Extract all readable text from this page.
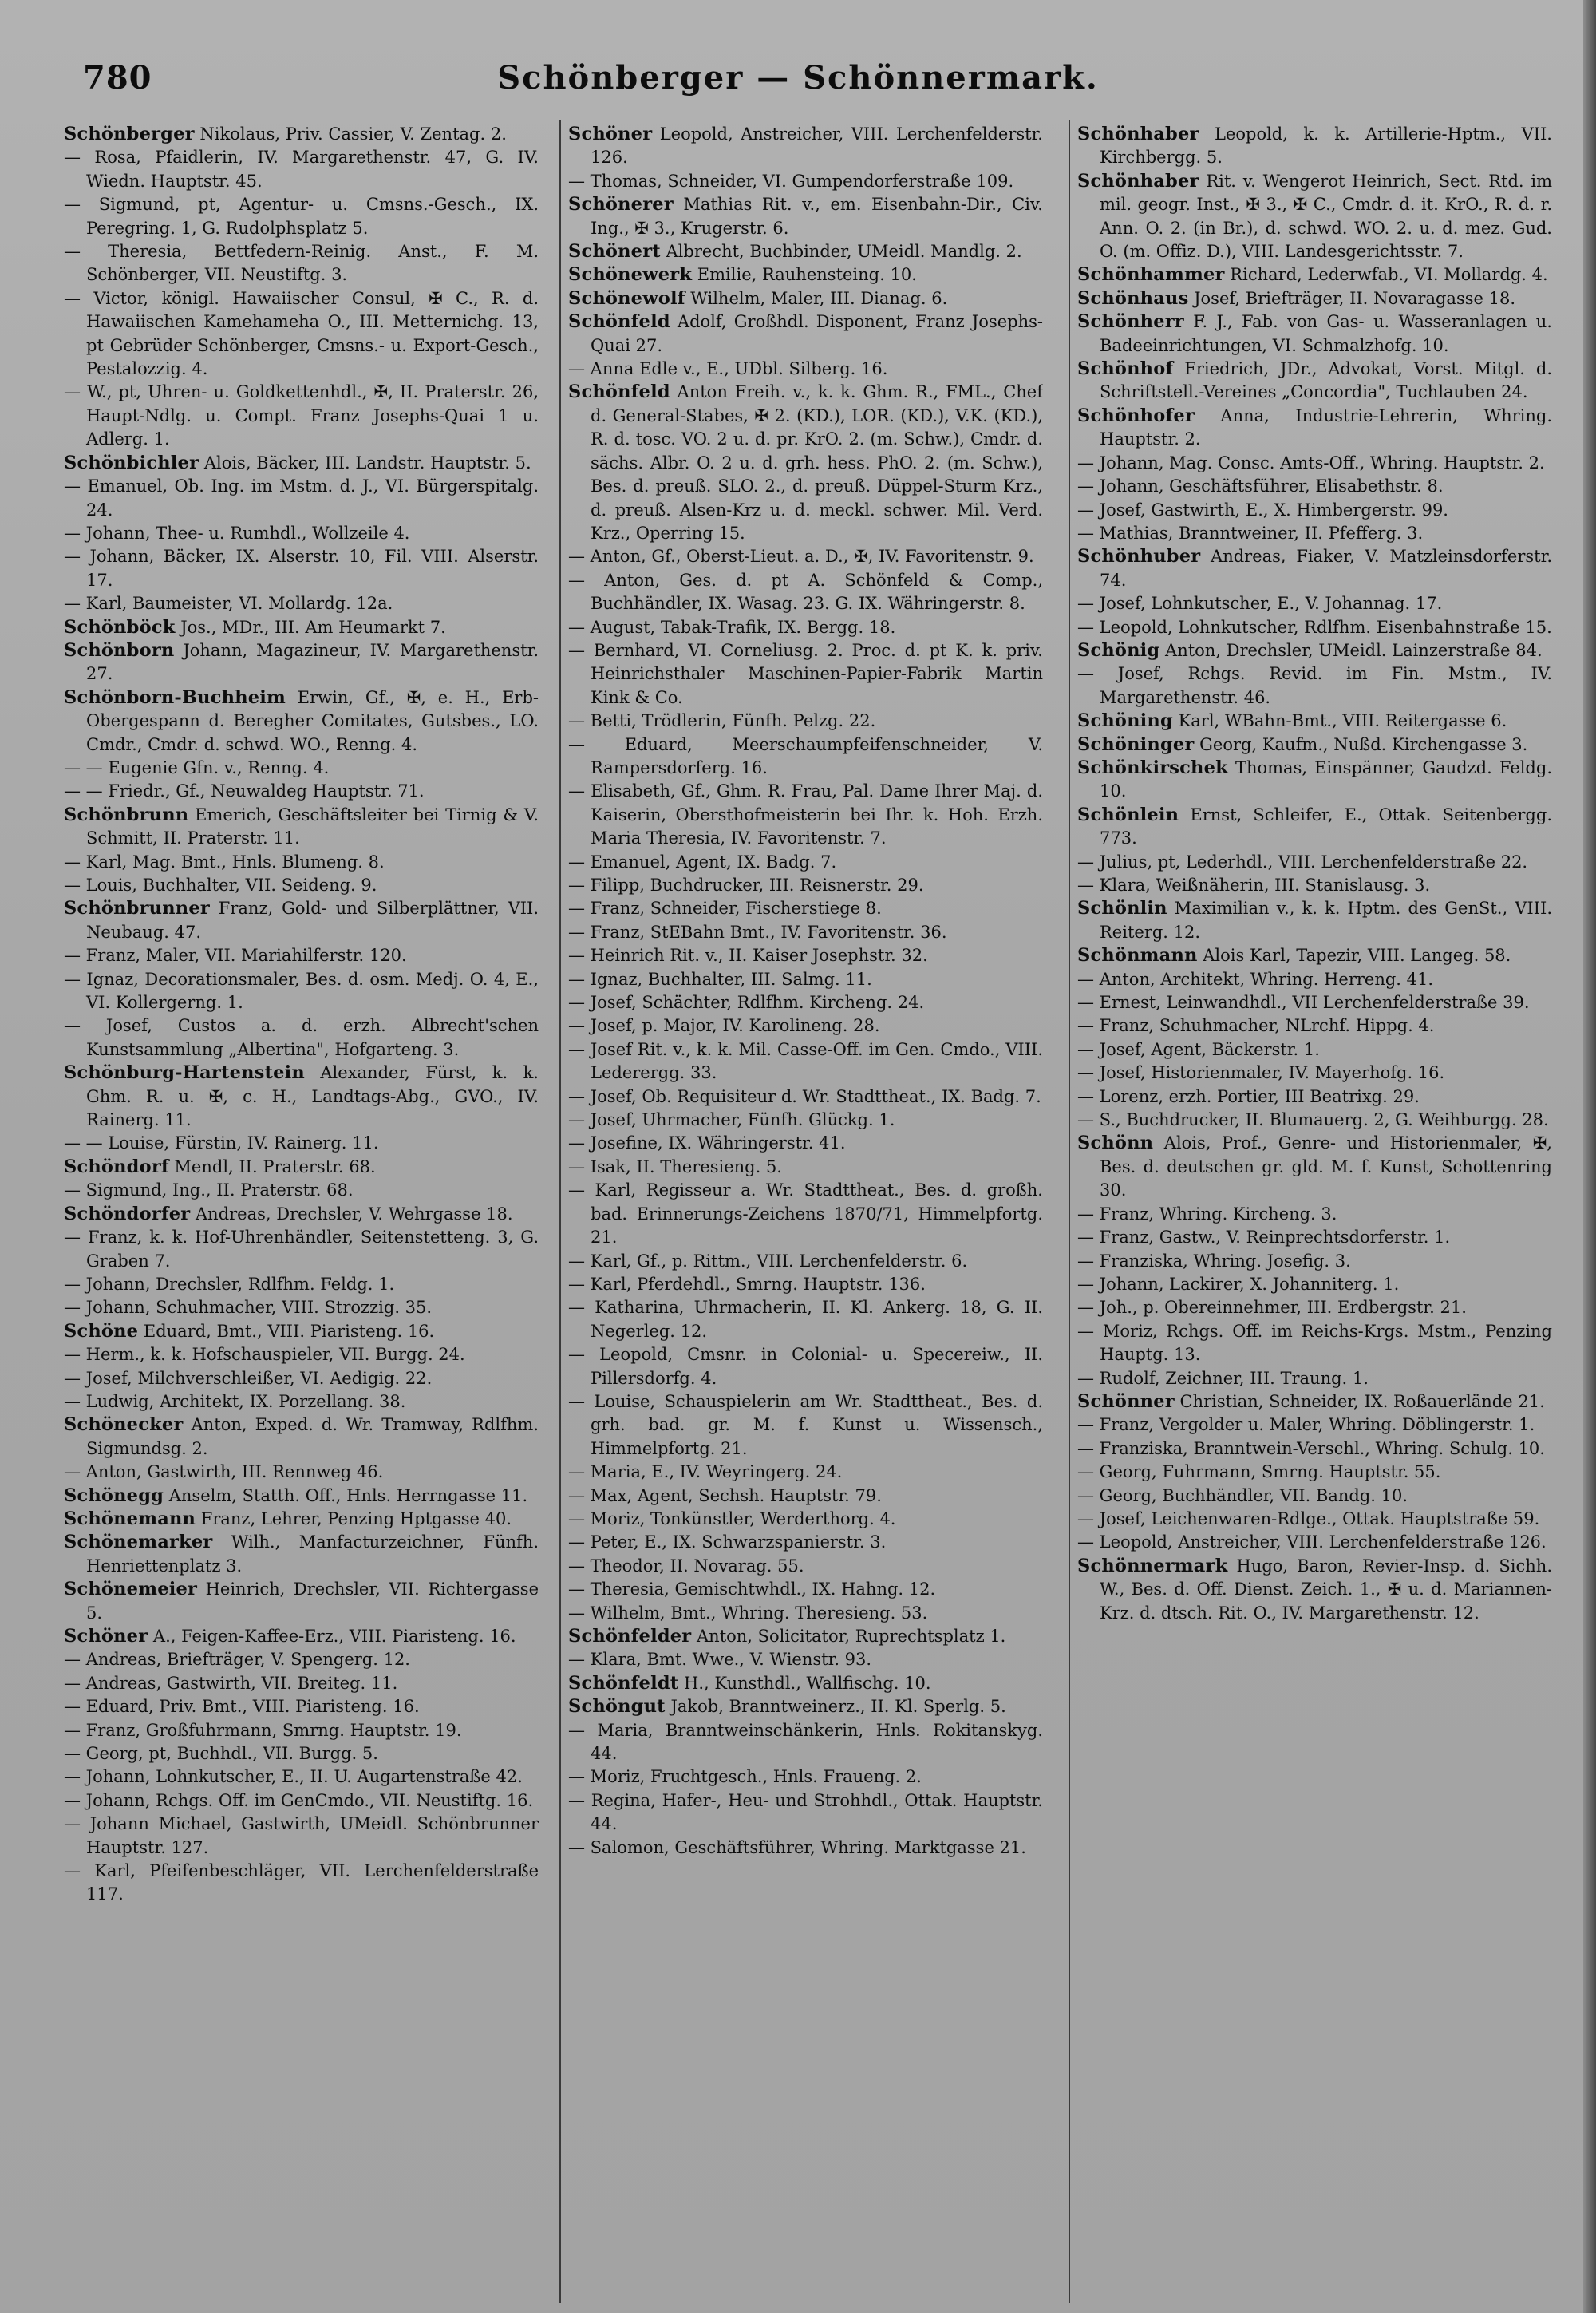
780	Schönberger — Schönnermark.

Schönberger Nikolaus, Priv. Cassier, V. Zentag. 2.

— Rosa, Pfaidlerin, IV. Margarethenstr. 47, G. IV. Wiedn. Hauptstr. 45.

— Sigmund, pt, Agentur- u. Cmsns.-Gesch., IX. Peregring. 1, G. Rudolphsplatz 5.

— Theresia, Bettfedern-Reinig. Anst., F. M. Schönberger, VII. Neustiftg. 3.

— Victor, königl. Hawaiischer Consul, ✠ C., R. d. Hawaiischen Kamehameha O., III. Metternichg. 13, pt Gebrüder Schönberger, Cmsns.- u. Export-Gesch., Pestalozzig. 4.

— W., pt, Uhren- u. Goldkettenhdl., ✠, II. Praterstr. 26, Haupt-Ndlg. u. Compt. Franz Josephs-Quai 1 u. Adlerg. 1.

Schönbichler Alois, Bäcker, III. Landstr. Hauptstr. 5.

— Emanuel, Ob. Ing. im Mstm. d. J., VI. Bürgerspitalg. 24.

— Johann, Thee- u. Rumhdl., Wollzeile 4.

— Johann, Bäcker, IX. Alserstr. 10, Fil. VIII. Alserstr. 17.

— Karl, Baumeister, VI. Mollardg. 12a.

Schönböck Jos., MDr., III. Am Heumarkt 7.

Schönborn Johann, Magazineur, IV. Margarethenstr. 27.

Schönborn-Buchheim Erwin, Gf., ✠, e. H., Erb-Obergespann d. Beregher Comitates, Gutsbes., LO. Cmdr., Cmdr. d. schwd. WO., Renng. 4.

— — Eugenie Gfn. v., Renng. 4.

— — Friedr., Gf., Neuwaldeg Hauptstr. 71.

Schönbrunn Emerich, Geschäftsleiter bei Tirnig & V. Schmitt, II. Praterstr. 11.

— Karl, Mag. Bmt., Hnls. Blumeng. 8.

— Louis, Buchhalter, VII. Seideng. 9.

Schönbrunner Franz, Gold- und Silberplättner, VII. Neubaug. 47.

— Franz, Maler, VII. Mariahilferstr. 120.

— Ignaz, Decorationsmaler, Bes. d. osm. Medj. O. 4, E., VI. Kollergerng. 1.

— Josef, Custos a. d. erzh. Albrecht'schen Kunstsammlung „Albertina", Hofgarteng. 3.

Schönburg-Hartenstein Alexander, Fürst, k. k. Ghm. R. u. ✠, c. H., Landtags-Abg., GVO., IV. Rainerg. 11.

— — Louise, Fürstin, IV. Rainerg. 11.

Schöndorf Mendl, II. Praterstr. 68.

— Sigmund, Ing., II. Praterstr. 68.

Schöndorfer Andreas, Drechsler, V. Wehrgasse 18.

— Franz, k. k. Hof-Uhrenhändler, Seitenstetteng. 3, G. Graben 7.

— Johann, Drechsler, Rdlfhm. Feldg. 1.

— Johann, Schuhmacher, VIII. Strozzig. 35.

Schöne Eduard, Bmt., VIII. Piaristeng. 16.

— Herm., k. k. Hofschauspieler, VII. Burgg. 24.

— Josef, Milchverschleißer, VI. Aedigig. 22.

— Ludwig, Architekt, IX. Porzellang. 38.

Schönecker Anton, Exped. d. Wr. Tramway, Rdlfhm. Sigmundsg. 2.

— Anton, Gastwirth, III. Rennweg 46.

Schönegg Anselm, Statth. Off., Hnls. Herrngasse 11.

Schönemann Franz, Lehrer, Penzing Hptgasse 40.

Schönemarker Wilh., Manfacturzeichner, Fünfh. Henriettenplatz 3.

Schönemeier Heinrich, Drechsler, VII. Richtergasse 5.

Schöner A., Feigen-Kaffee-Erz., VIII. Piaristeng. 16.

— Andreas, Briefträger, V. Spengerg. 12.

— Andreas, Gastwirth, VII. Breiteg. 11.

— Eduard, Priv. Bmt., VIII. Piaristeng. 16.

— Franz, Großfuhrmann, Smrng. Hauptstr. 19.

— Georg, pt, Buchhdl., VII. Burgg. 5.

— Johann, Lohnkutscher, E., II. U. Augartenstraße 42.

— Johann, Rchgs. Off. im GenCmdo., VII. Neustiftg. 16.

— Johann Michael, Gastwirth, UMeidl. Schönbrunner Hauptstr. 127.

— Karl, Pfeifenbeschläger, VII. Lerchenfelderstraße 117.

Schöner Leopold, Anstreicher, VIII. Lerchenfelderstr. 126.

— Thomas, Schneider, VI. Gumpendorferstraße 109.

Schönerer Mathias Rit. v., em. Eisenbahn-Dir., Civ. Ing., ✠ 3., Krugerstr. 6.

Schönert Albrecht, Buchbinder, UMeidl. Mandlg. 2.

Schönewerk Emilie, Rauhensteing. 10.

Schönewolf Wilhelm, Maler, III. Dianag. 6.

Schönfeld Adolf, Großhdl. Disponent, Franz Josephs-Quai 27.

— Anna Edle v., E., UDbl. Silberg. 16.

Schönfeld Anton Freih. v., k. k. Ghm. R., FML., Chef d. General-Stabes, ✠ 2. (KD.), LOR. (KD.), V.K. (KD.), R. d. tosc. VO. 2 u. d. pr. KrO. 2. (m. Schw.), Cmdr. d. sächs. Albr. O. 2 u. d. grh. hess. PhO. 2. (m. Schw.), Bes. d. preuß. SLO. 2., d. preuß. Düppel-Sturm Krz., d. preuß. Alsen-Krz u. d. meckl. schwer. Mil. Verd. Krz., Operring 15.

— Anton, Gf., Oberst-Lieut. a. D., ✠, IV. Favoritenstr. 9.

— Anton, Ges. d. pt A. Schönfeld & Comp., Buchhändler, IX. Wasag. 23. G. IX. Währingerstr. 8.

— August, Tabak-Trafik, IX. Bergg. 18.

— Bernhard, VI. Corneliusg. 2. Proc. d. pt K. k. priv. Heinrichsthaler Maschinen-Papier-Fabrik Martin Kink & Co.

— Betti, Trödlerin, Fünfh. Pelzg. 22.

— Eduard, Meerschaumpfeifenschneider, V. Rampersdorferg. 16.

— Elisabeth, Gf., Ghm. R. Frau, Pal. Dame Ihrer Maj. d. Kaiserin, Obersthofmeisterin bei Ihr. k. Hoh. Erzh. Maria Theresia, IV. Favoritenstr. 7.

— Emanuel, Agent, IX. Badg. 7.

— Filipp, Buchdrucker, III. Reisnerstr. 29.

— Franz, Schneider, Fischerstiege 8.

— Franz, StEBahn Bmt., IV. Favoritenstr. 36.

— Heinrich Rit. v., II. Kaiser Josephstr. 32.

— Ignaz, Buchhalter, III. Salmg. 11.

— Josef, Schächter, Rdlfhm. Kircheng. 24.

— Josef, p. Major, IV. Karolineng. 28.

— Josef Rit. v., k. k. Mil. Casse-Off. im Gen. Cmdo., VIII. Lederergg. 33.

— Josef, Ob. Requisiteur d. Wr. Stadttheat., IX. Badg. 7.

— Josef, Uhrmacher, Fünfh. Glückg. 1.

— Josefine, IX. Währingerstr. 41.

— Isak, II. Theresieng. 5.

— Karl, Regisseur a. Wr. Stadttheat., Bes. d. großh. bad. Erinnerungs-Zeichens 1870/71, Himmelpfortg. 21.

— Karl, Gf., p. Rittm., VIII. Lerchenfelderstr. 6.

— Karl, Pferdehdl., Smrng. Hauptstr. 136.

— Katharina, Uhrmacherin, II. Kl. Ankerg. 18, G. II. Negerleg. 12.

— Leopold, Cmsnr. in Colonial- u. Specereiw., II. Pillersdorfg. 4.

— Louise, Schauspielerin am Wr. Stadttheat., Bes. d. grh. bad. gr. M. f. Kunst u. Wissensch., Himmelpfortg. 21.

— Maria, E., IV. Weyringerg. 24.

— Max, Agent, Sechsh. Hauptstr. 79.

— Moriz, Tonkünstler, Werderthorg. 4.

— Peter, E., IX. Schwarzspanierstr. 3.

— Theodor, II. Novarag. 55.

— Theresia, Gemischtwhdl., IX. Hahng. 12.

— Wilhelm, Bmt., Whring. Theresieng. 53.

Schönfelder Anton, Solicitator, Ruprechtsplatz 1.

— Klara, Bmt. Wwe., V. Wienstr. 93.

Schönfeldt H., Kunsthdl., Wallfischg. 10.

Schöngut Jakob, Branntweinerz., II. Kl. Sperlg. 5.

— Maria, Branntweinschänkerin, Hnls. Rokitanskyg. 44.

— Moriz, Fruchtgesch., Hnls. Fraueng. 2.

— Regina, Hafer-, Heu- und Strohhdl., Ottak. Hauptstr. 44.

— Salomon, Geschäftsführer, Whring. Marktgasse 21.

Schönhaber Leopold, k. k. Artillerie-Hptm., VII. Kirchbergg. 5.

Schönhaber Rit. v. Wengerot Heinrich, Sect. Rtd. im mil. geogr. Inst., ✠ 3., ✠ C., Cmdr. d. it. KrO., R. d. r. Ann. O. 2. (in Br.), d. schwd. WO. 2. u. d. mez. Gud. O. (m. Offiz. D.), VIII. Landesgerichtsstr. 7.

Schönhammer Richard, Lederwfab., VI. Mollardg. 4.

Schönhaus Josef, Briefträger, II. Novaragasse 18.

Schönherr F. J., Fab. von Gas- u. Wasseranlagen u. Badeeinrichtungen, VI. Schmalzhofg. 10.

Schönhof Friedrich, JDr., Advokat, Vorst. Mitgl. d. Schriftstell.-Vereines „Concordia", Tuchlauben 24.

Schönhofer Anna, Industrie-Lehrerin, Whring. Hauptstr. 2.

— Johann, Mag. Consc. Amts-Off., Whring. Hauptstr. 2.

— Johann, Geschäftsführer, Elisabethstr. 8.

— Josef, Gastwirth, E., X. Himbergerstr. 99.

— Mathias, Branntweiner, II. Pfefferg. 3.

Schönhuber Andreas, Fiaker, V. Matzleinsdorferstr. 74.

— Josef, Lohnkutscher, E., V. Johannag. 17.

— Leopold, Lohnkutscher, Rdlfhm. Eisenbahnstraße 15.

Schönig Anton, Drechsler, UMeidl. Lainzerstraße 84.

— Josef, Rchgs. Revid. im Fin. Mstm., IV. Margarethenstr. 46.

Schöning Karl, WBahn-Bmt., VIII. Reitergasse 6.

Schöninger Georg, Kaufm., Nußd. Kirchengasse 3.

Schönkirschek Thomas, Einspänner, Gaudzd. Feldg. 10.

Schönlein Ernst, Schleifer, E., Ottak. Seitenbergg. 773.

— Julius, pt, Lederhdl., VIII. Lerchenfelderstraße 22.

— Klara, Weißnäherin, III. Stanislausg. 3.

Schönlin Maximilian v., k. k. Hptm. des GenSt., VIII. Reiterg. 12.

Schönmann Alois Karl, Tapezir, VIII. Langeg. 58.

— Anton, Architekt, Whring. Herreng. 41.

— Ernest, Leinwandhdl., VII Lerchenfelderstraße 39.

— Franz, Schuhmacher, NLrchf. Hippg. 4.

— Josef, Agent, Bäckerstr. 1.

— Josef, Historienmaler, IV. Mayerhofg. 16.

— Lorenz, erzh. Portier, III Beatrixg. 29.

— S., Buchdrucker, II. Blumauerg. 2, G. Weihburgg. 28.

Schönn Alois, Prof., Genre- und Historienmaler, ✠, Bes. d. deutschen gr. gld. M. f. Kunst, Schottenring 30.

— Franz, Whring. Kircheng. 3.

— Franz, Gastw., V. Reinprechtsdorferstr. 1.

— Franziska, Whring. Josefig. 3.

— Johann, Lackirer, X. Johanniterg. 1.

— Joh., p. Obereinnehmer, III. Erdbergstr. 21.

— Moriz, Rchgs. Off. im Reichs-Krgs. Mstm., Penzing Hauptg. 13.

— Rudolf, Zeichner, III. Traung. 1.

Schönner Christian, Schneider, IX. Roßauerlände 21.

— Franz, Vergolder u. Maler, Whring. Döblingerstr. 1.

— Franziska, Branntwein-Verschl., Whring. Schulg. 10.

— Georg, Fuhrmann, Smrng. Hauptstr. 55.

— Georg, Buchhändler, VII. Bandg. 10.

— Josef, Leichenwaren-Rdlge., Ottak. Hauptstraße 59.

— Leopold, Anstreicher, VIII. Lerchenfelderstraße 126.

Schönnermark Hugo, Baron, Revier-Insp. d. Sichh. W., Bes. d. Off. Dienst. Zeich. 1., ✠ u. d. Mariannen-Krz. d. dtsch. Rit. O., IV. Margarethenstr. 12.
